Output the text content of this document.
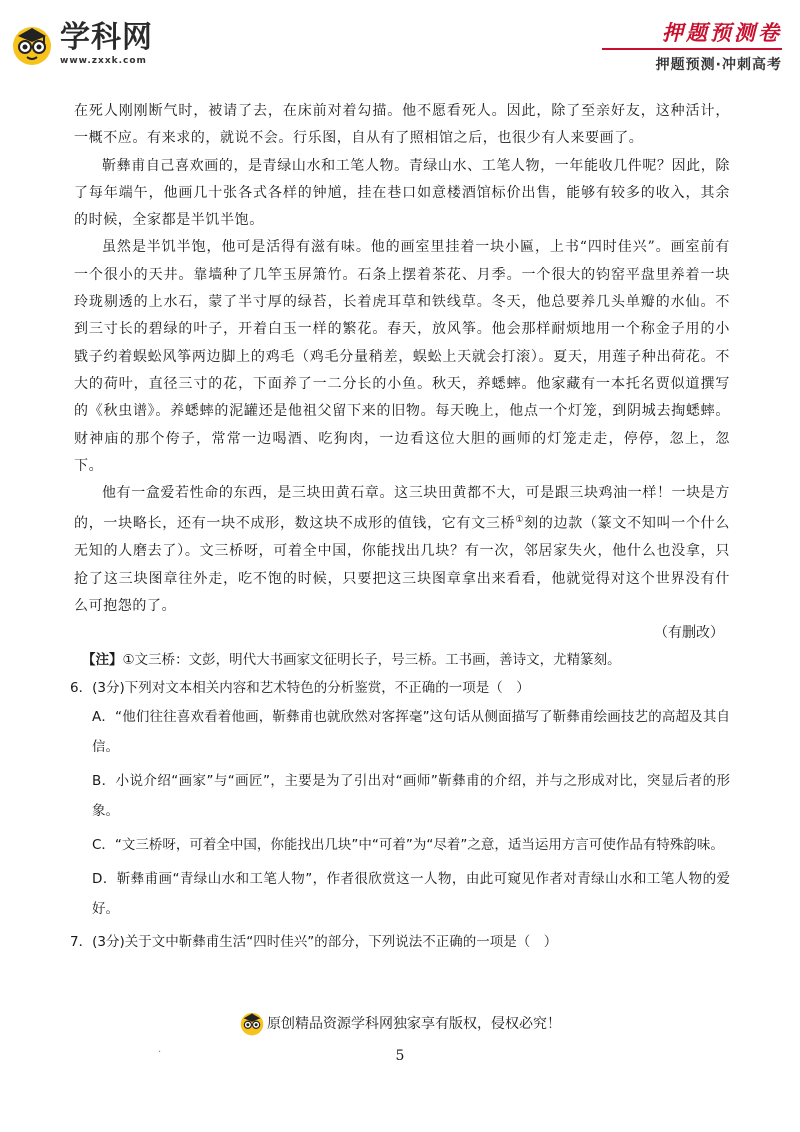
学科网
www.zxxk.com
押题预测卷
押题预测·冲刺高考

在死人刚刚断气时，被请了去，在床前对着勾描。他不愿看死人。因此，除了至亲好友，这种活计，一概不应。有来求的，就说不会。行乐图，自从有了照相馆之后，也很少有人来要画了。

靳彝甫自己喜欢画的，是青绿山水和工笔人物。青绿山水、工笔人物，一年能收几件呢？因此，除了每年端午，他画几十张各式各样的钟馗，挂在巷口如意楼酒馆标价出售，能够有较多的收入，其余的时候，全家都是半饥半饱。

虽然是半饥半饱，他可是活得有滋有味。他的画室里挂着一块小匾，上书“四时佳兴”。画室前有一个很小的天井。靠墙种了几竿玉屏箫竹。石条上摆着茶花、月季。一个很大的钧窑平盘里养着一块玲珑剔透的上水石，蒙了半寸厚的绿苔，长着虎耳草和铁线草。冬天，他总要养几头单瓣的水仙。不到三寸长的碧绿的叶子，开着白玉一样的繁花。春天，放风筝。他会那样耐烦地用一个称金子用的小戥子约着蜈蚣风筝两边脚上的鸡毛（鸡毛分量稍差，蜈蚣上天就会打滚）。夏天，用莲子种出荷花。不大的荷叶，直径三寸的花，下面养了一二分长的小鱼。秋天，养蟋蟀。他家藏有一本托名贾似道撰写的《秋虫谱》。养蟋蟀的泥罐还是他祖父留下来的旧物。每天晚上，他点一个灯笼，到阴城去掏蟋蟀。财神庙的那个侉子，常常一边喝酒、吃狗肉，一边看这位大胆的画师的灯笼走走，停停，忽上，忽下。

他有一盒爱若性命的东西，是三块田黄石章。这三块田黄都不大，可是跟三块鸡油一样！一块是方的，一块略长，还有一块不成形，数这块不成形的值钱，它有文三桥①刻的边款（篆文不知叫一个什么无知的人磨去了）。文三桥呀，可着全中国，你能找出几块？有一次，邻居家失火，他什么也没拿，只抢了这三块图章往外走，吃不饱的时候，只要把这三块图章拿出来看看，他就觉得对这个世界没有什么可抱怨的了。

（有删改）

【注】①文三桥：文彭，明代大书画家文征明长子，号三桥。工书画，善诗文，尤精篆刻。

6．(3分)下列对文本相关内容和艺术特色的分析鉴赏，不正确的一项是（　）

A．“他们往往喜欢看着他画，靳彝甫也就欣然对客挥毫”这句话从侧面描写了靳彝甫绘画技艺的高超及其自信。

B．小说介绍“画家”与“画匠”，主要是为了引出对“画师”靳彝甫的介绍，并与之形成对比，突显后者的形象。

C．“文三桥呀，可着全中国，你能找出几块”中“可着”为“尽着”之意，适当运用方言可使作品有特殊韵味。

D．靳彝甫画“青绿山水和工笔人物”，作者很欣赏这一人物，由此可窥见作者对青绿山水和工笔人物的爱好。

7．(3分)关于文中靳彝甫生活“四时佳兴”的部分，下列说法不正确的一项是（　）

原创精品资源学科网独家享有版权，侵权必究！
.	5
